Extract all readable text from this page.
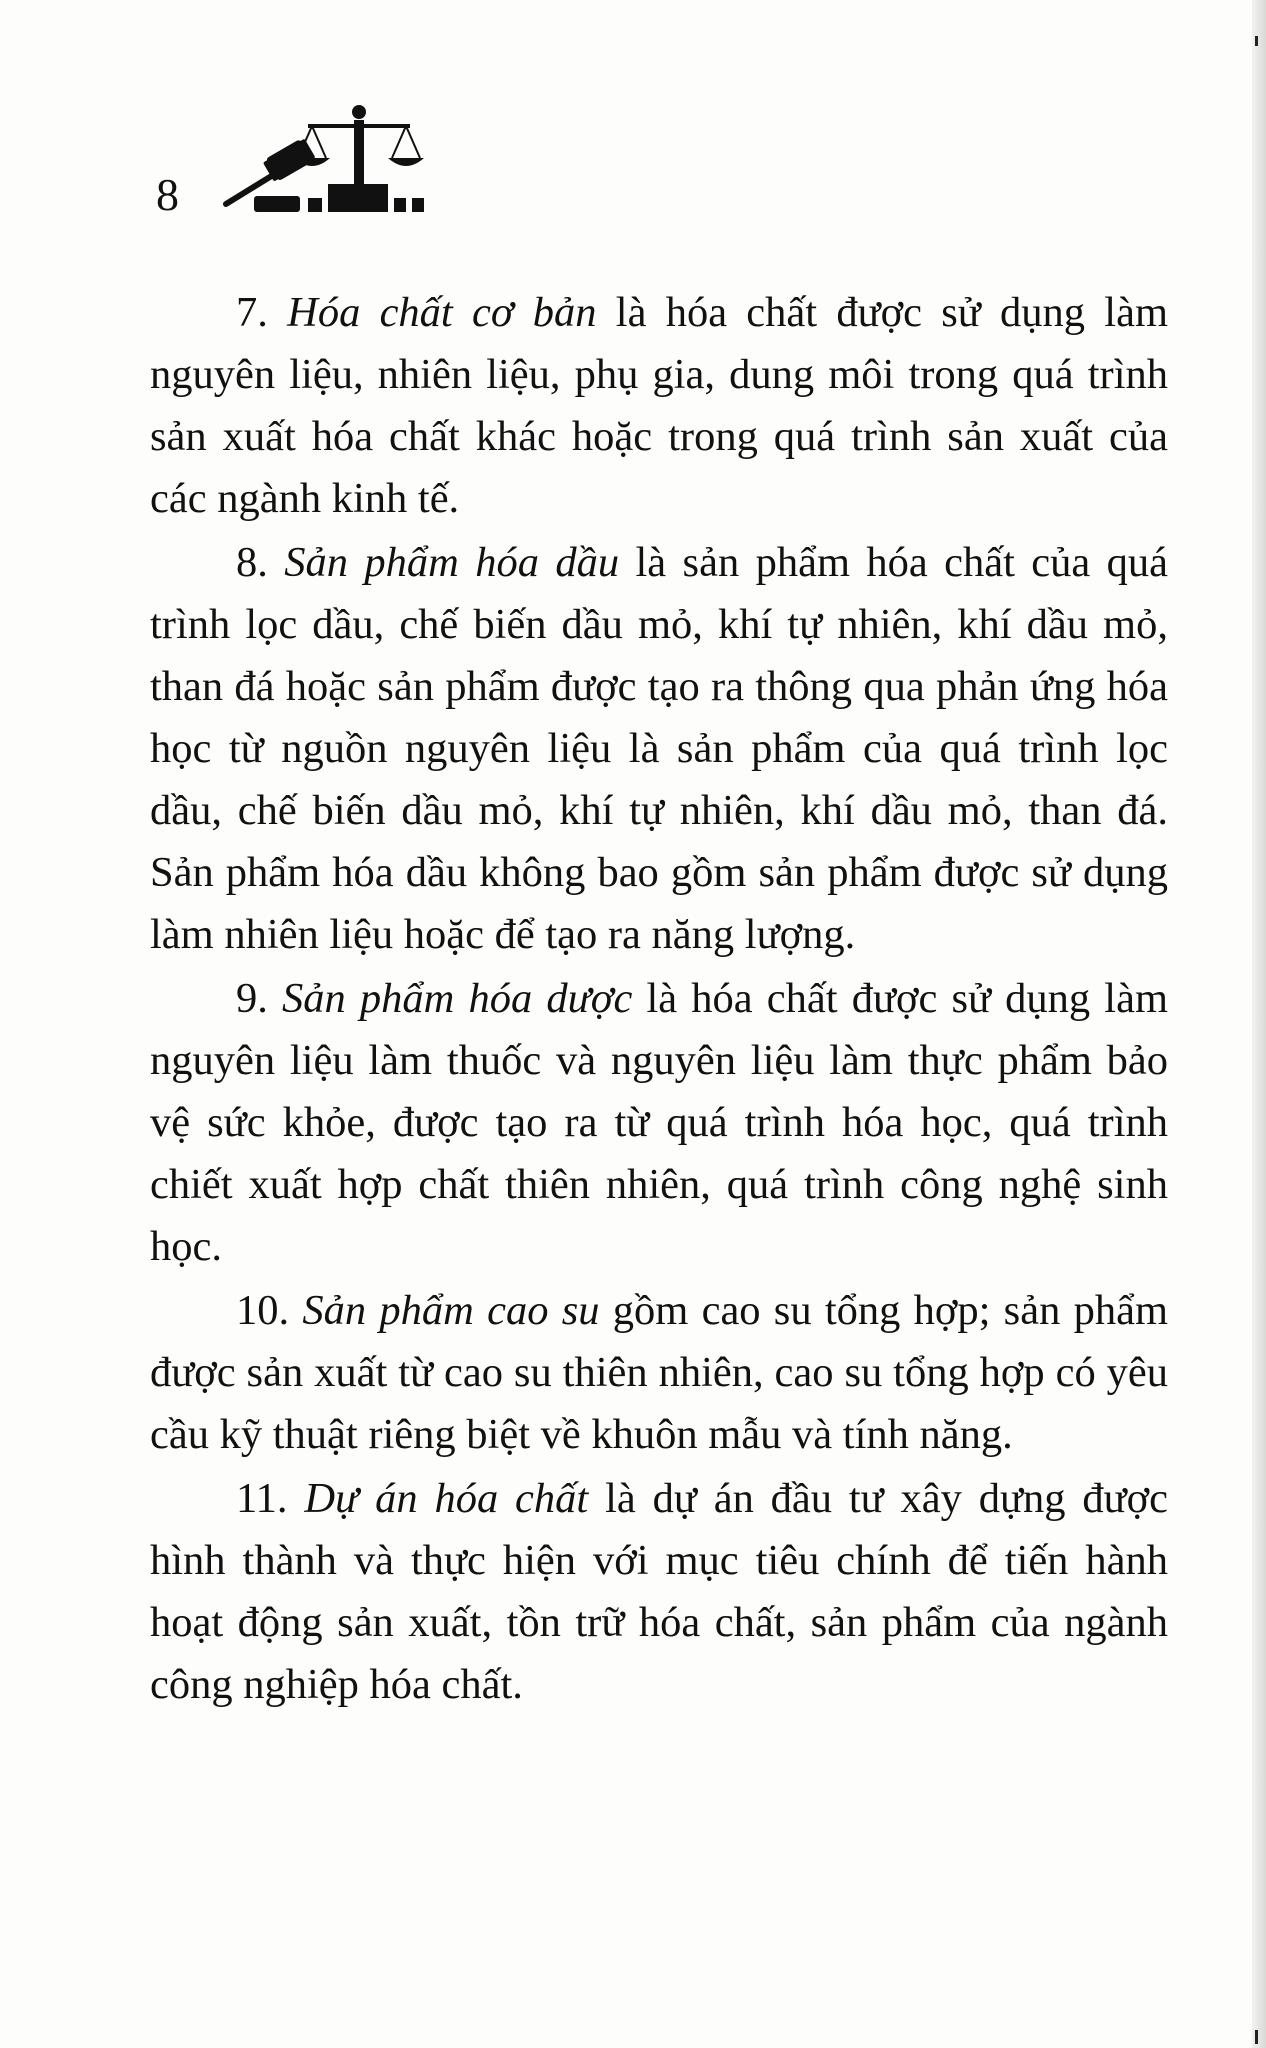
8

7. Hóa chất cơ bản là hóa chất được sử dụng làm nguyên liệu, nhiên liệu, phụ gia, dung môi trong quá trình sản xuất hóa chất khác hoặc trong quá trình sản xuất của các ngành kinh tế.

8. Sản phẩm hóa dầu là sản phẩm hóa chất của quá trình lọc dầu, chế biến dầu mỏ, khí tự nhiên, khí dầu mỏ, than đá hoặc sản phẩm được tạo ra thông qua phản ứng hóa học từ nguồn nguyên liệu là sản phẩm của quá trình lọc dầu, chế biến dầu mỏ, khí tự nhiên, khí dầu mỏ, than đá. Sản phẩm hóa dầu không bao gồm sản phẩm được sử dụng làm nhiên liệu hoặc để tạo ra năng lượng.

9. Sản phẩm hóa dược là hóa chất được sử dụng làm nguyên liệu làm thuốc và nguyên liệu làm thực phẩm bảo vệ sức khỏe, được tạo ra từ quá trình hóa học, quá trình chiết xuất hợp chất thiên nhiên, quá trình công nghệ sinh học.

10. Sản phẩm cao su gồm cao su tổng hợp; sản phẩm được sản xuất từ cao su thiên nhiên, cao su tổng hợp có yêu cầu kỹ thuật riêng biệt về khuôn mẫu và tính năng.

11. Dự án hóa chất là dự án đầu tư xây dựng được hình thành và thực hiện với mục tiêu chính để tiến hành hoạt động sản xuất, tồn trữ hóa chất, sản phẩm của ngành công nghiệp hóa chất.
